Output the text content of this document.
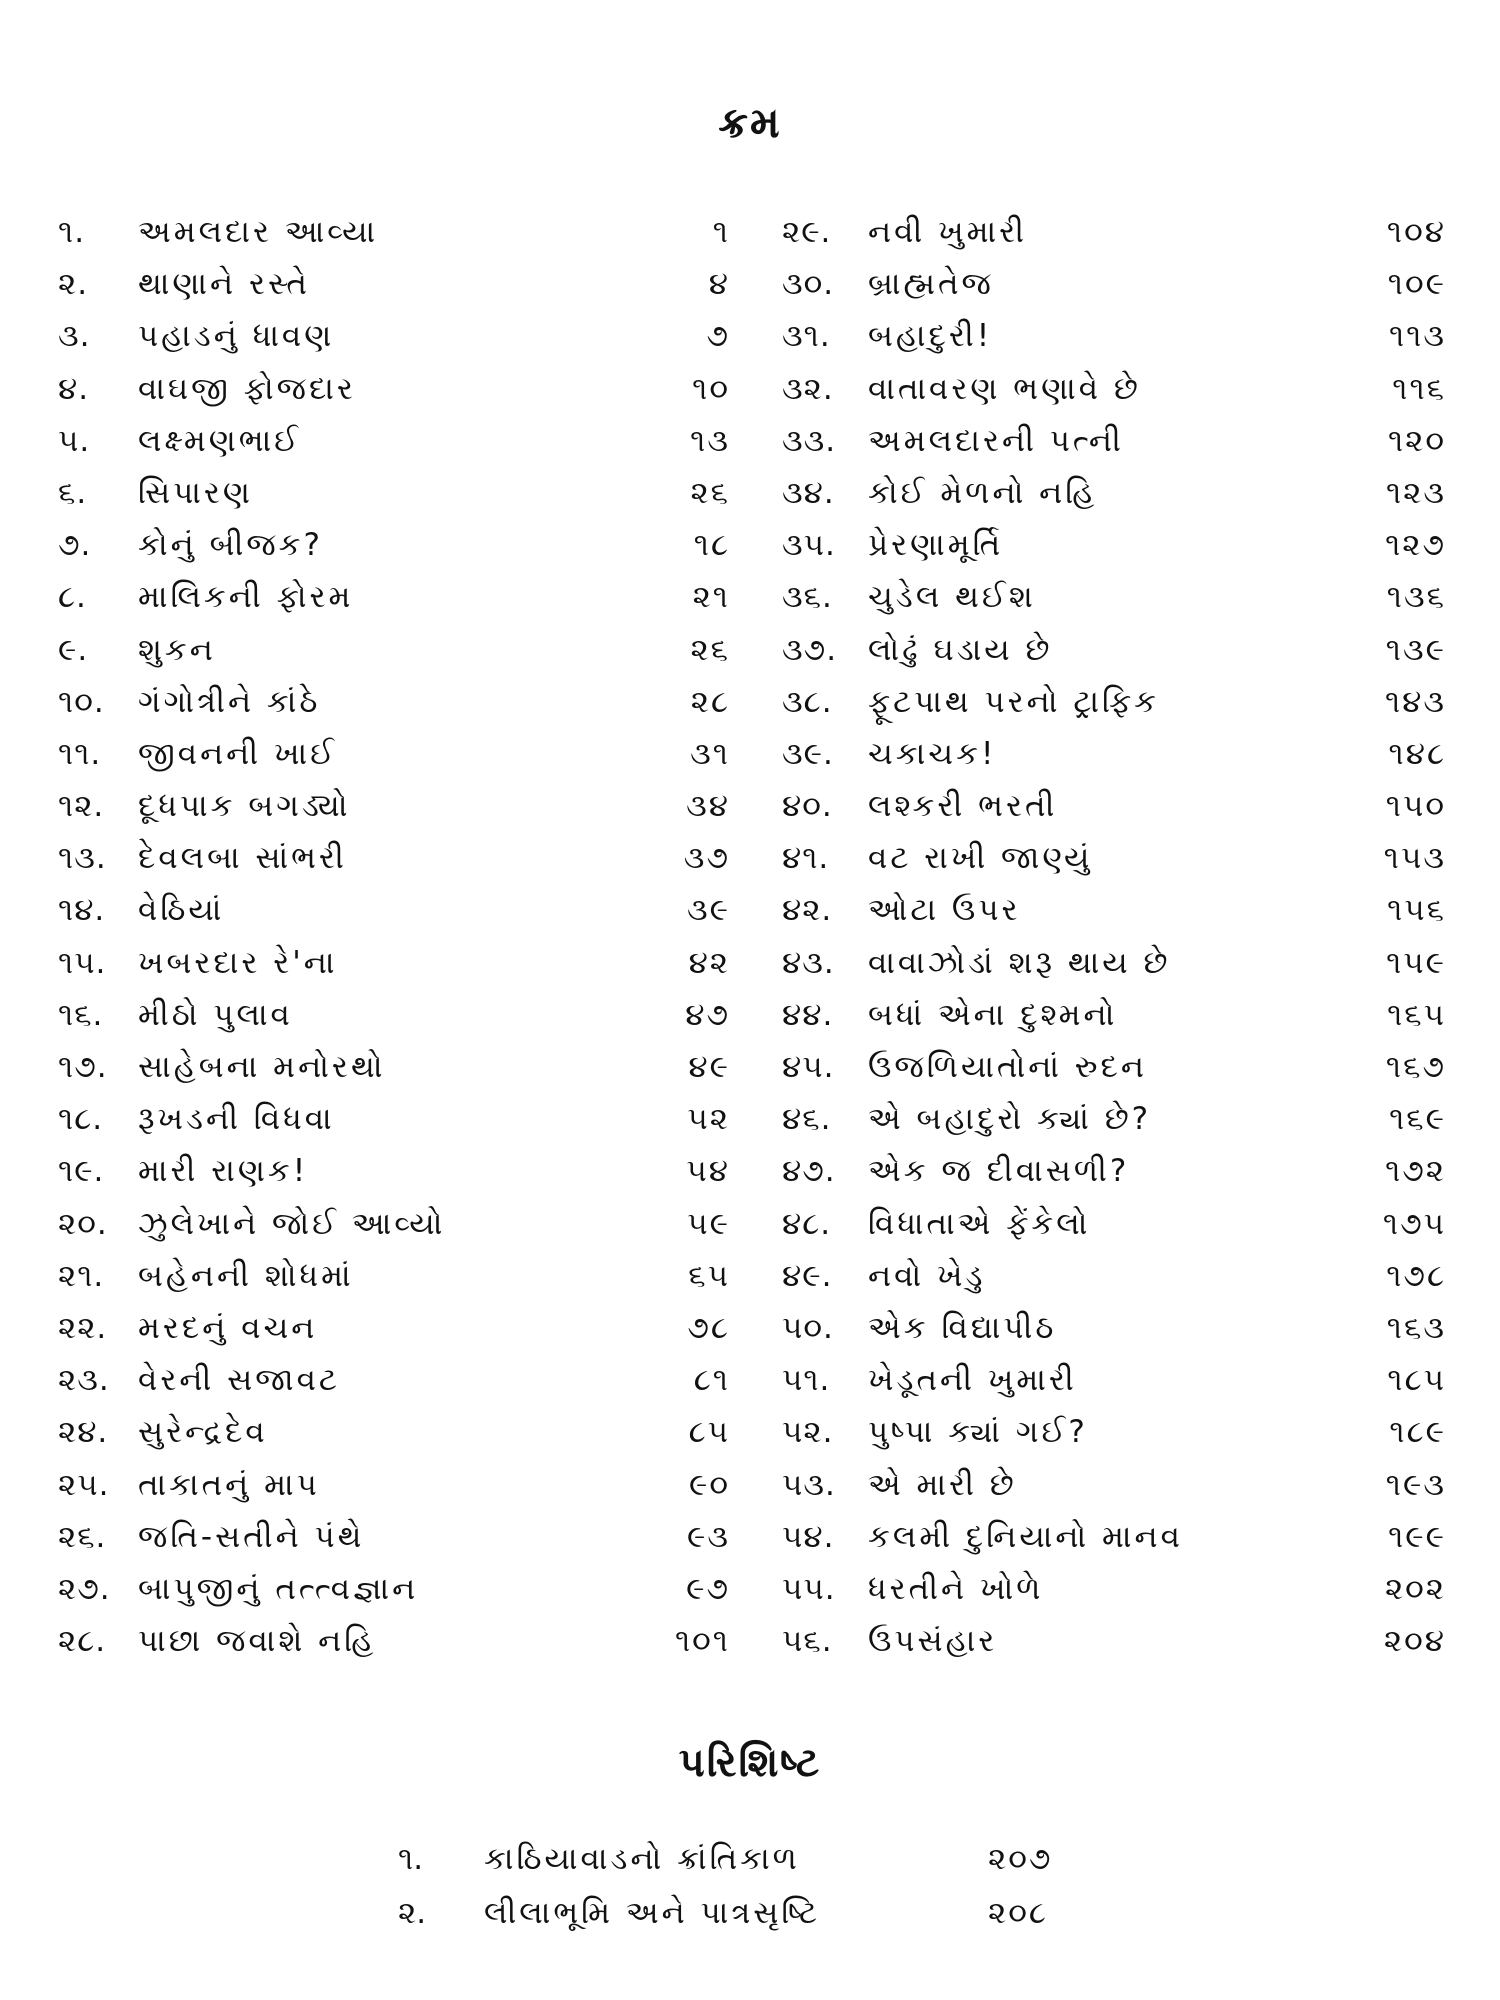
ક્રમ
૧. અમલદાર આવ્યા	૧
૨. થાણાને રસ્તે	૪
૩. પહાડનું ધાવણ	૭
૪. વાઘજી ફોજદાર	૧૦
૫. લક્ષ્મણભાઈ	૧૩
૬. સિપારણ	૨૬
૭. કોનું બીજક?	૧૮
૮. માલિકની ફોરમ	૨૧
૯. શુકન	૨૬
૧૦. ગંગોત્રીને કાંઠે	૨૮
૧૧. જીવનની ખાઈ	૩૧
૧૨. દૂધપાક બગડ્યો	૩૪
૧૩. દેવલબા સાંભરી	૩૭
૧૪. વેઠિયાં	૩૯
૧૫. ખબરદાર રે'ના	૪૨
૧૬. મીઠો પુલાવ	૪૭
૧૭. સાહેબના મનોરથો	૪૯
૧૮. રૂખડની વિધવા	૫૨
૧૯. મારી રાણક!	૫૪
૨૦. ઝુલેખાને જોઈ આવ્યો	૫૯
૨૧. બહેનની શોધમાં	૬૫
૨૨. મરદનું વચન	૭૮
૨૩. વેરની સજાવટ	૮૧
૨૪. સુરેન્દ્રદેવ	૮૫
૨૫. તાકાતનું માપ	૯૦
૨૬. જતિ-સતીને પંથે	૯૩
૨૭. બાપુજીનું તત્ત્વજ્ઞાન	૯૭
૨૮. પાછા જવાશે નહિ	૧૦૧
૨૯. નવી ખુમારી	૧૦૪
૩૦. બ્રાહ્મતેજ	૧૦૯
૩૧. બહાદુરી!	૧૧૩
૩૨. વાતાવરણ ભણાવે છે	૧૧૬
૩૩. અમલદારની પત્ની	૧૨૦
૩૪. કોઈ મેળનો નહિ	૧૨૩
૩૫. પ્રેરણામૂર્તિ	૧૨૭
૩૬. ચુડેલ થઈશ	૧૩૬
૩૭. લોઢું ઘડાય છે	૧૩૯
૩૮. ફૂટપાથ પરનો ટ્રાફિક	૧૪૩
૩૯. ચકાચક!	૧૪૮
૪૦. લશ્કરી ભરતી	૧૫૦
૪૧. વટ રાખી જાણ્યું	૧૫૩
૪૨. ઓટા ઉપર	૧૫૬
૪૩. વાવાઝોડાં શરૂ થાય છે	૧૫૯
૪૪. બધાં એના દુશ્મનો	૧૬૫
૪૫. ઉજળિયાતોનાં રુદન	૧૬૭
૪૬. એ બહાદુરો ક્યાં છે?	૧૬૯
૪૭. એક જ દીવાસળી?	૧૭૨
૪૮. વિધાતાએ ફેંકેલો	૧૭૫
૪૯. નવો ખેડુ	૧૭૮
૫૦. એક વિદ્યાપીઠ	૧૬૩
૫૧. ખેડૂતની ખુમારી	૧૮૫
૫૨. પુષ્પા ક્યાં ગઈ?	૧૮૯
૫૩. એ મારી છે	૧૯૩
૫૪. કલમી દુનિયાનો માનવ	૧૯૯
૫૫. ધરતીને ખોળે	૨૦૨
૫૬. ઉપસંહાર	૨૦૪
પરિશિષ્ટ
૧. કાઠિયાવાડનો ક્રાંતિકાળ	૨૦૭
૨. લીલાભૂમિ અને પાત્રસૃષ્ટિ	૨૦૮
